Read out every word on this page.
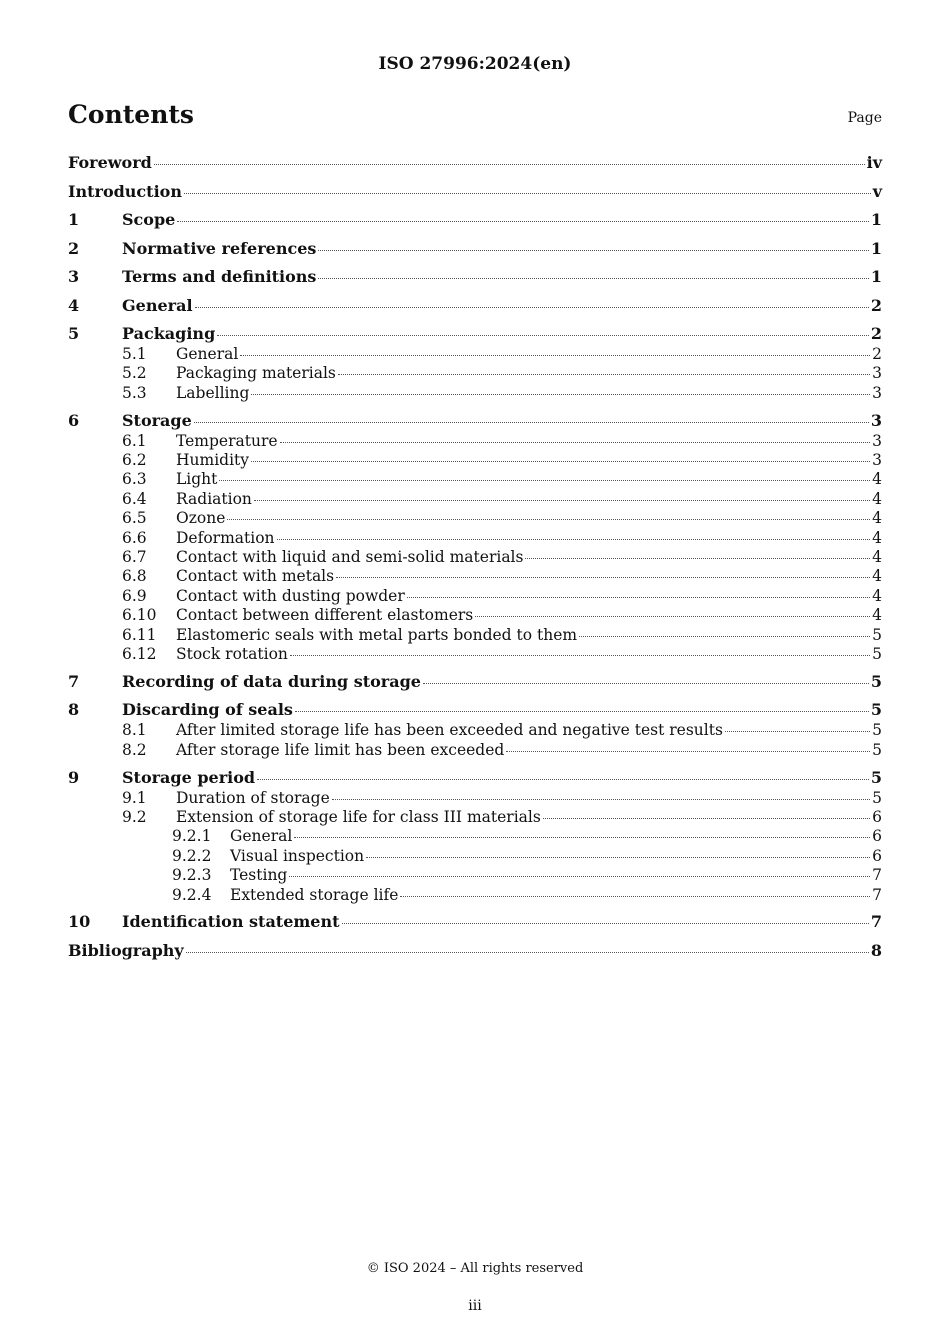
ISO 27996:2024(en)
Contents	Page
Foreword	iv
Introduction	v
1	Scope	1
2	Normative references	1
3	Terms and definitions	1
4	General	2
5	Packaging	2
5.1	General	2
5.2	Packaging materials	3
5.3	Labelling	3
6	Storage	3
6.1	Temperature	3
6.2	Humidity	3
6.3	Light	4
6.4	Radiation	4
6.5	Ozone	4
6.6	Deformation	4
6.7	Contact with liquid and semi-solid materials	4
6.8	Contact with metals	4
6.9	Contact with dusting powder	4
6.10	Contact between different elastomers	4
6.11	Elastomeric seals with metal parts bonded to them	5
6.12	Stock rotation	5
7	Recording of data during storage	5
8	Discarding of seals	5
8.1	After limited storage life has been exceeded and negative test results	5
8.2	After storage life limit has been exceeded	5
9	Storage period	5
9.1	Duration of storage	5
9.2	Extension of storage life for class III materials	6
9.2.1	General	6
9.2.2	Visual inspection	6
9.2.3	Testing	7
9.2.4	Extended storage life	7
10	Identification statement	7
Bibliography	8
© ISO 2024 – All rights reserved
iii
